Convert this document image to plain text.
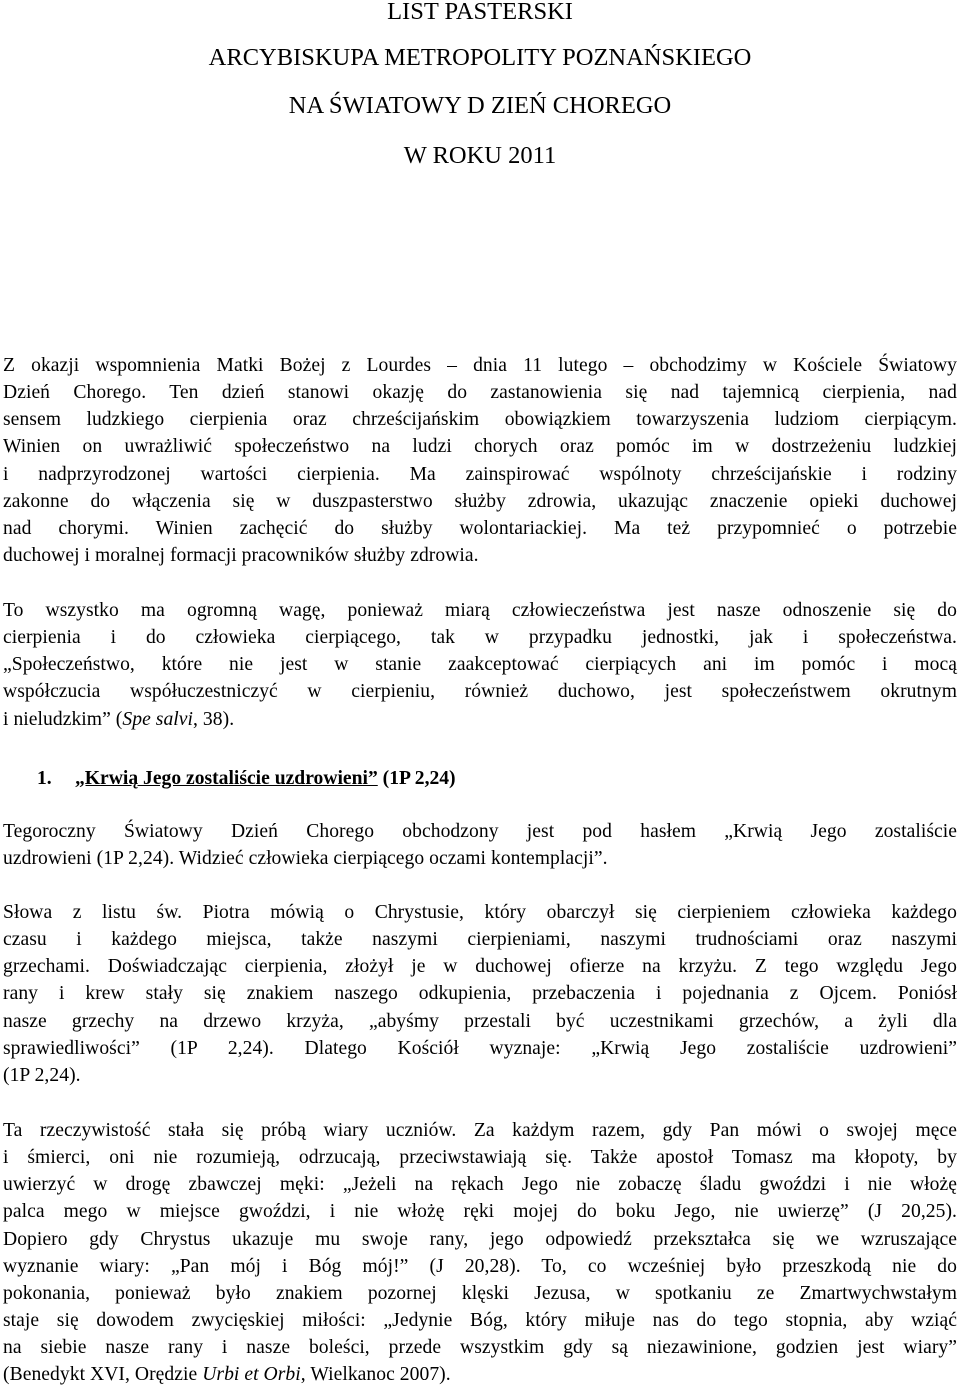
LIST PASTERSKI

ARCYBISKUPA METROPOLITY POZNAŃSKIEGO

NA ŚWIATOWY D ZIEŃ CHOREGO

W ROKU 2011

Z okazji wspomnienia Matki Bożej z Lourdes – dnia 11 lutego – obchodzimy w Kościele Światowy
Dzień Chorego. Ten dzień stanowi okazję do zastanowienia się nad tajemnicą cierpienia, nad
sensem ludzkiego cierpienia oraz chrześcijańskim obowiązkiem towarzyszenia ludziom cierpiącym.
Winien on uwrażliwić społeczeństwo na ludzi chorych oraz pomóc im w dostrzeżeniu ludzkiej
i nadprzyrodzonej wartości cierpienia. Ma zainspirować wspólnoty chrześcijańskie i rodziny
zakonne do włączenia się w duszpasterstwo służby zdrowia, ukazując znaczenie opieki duchowej
nad chorymi. Winien zachęcić do służby wolontariackiej. Ma też przypomnieć o potrzebie
duchowej i moralnej formacji pracowników służby zdrowia.
To wszystko ma ogromną wagę, ponieważ miarą człowieczeństwa jest nasze odnoszenie się do
cierpienia i do człowieka cierpiącego, tak w przypadku jednostki, jak i społeczeństwa.
„Społeczeństwo, które nie jest w stanie zaakceptować cierpiących ani im pomóc i mocą
współczucia współuczestniczyć w cierpieniu, również duchowo, jest społeczeństwem okrutnym
i nieludzkim” (Spe salvi, 38).
1. „Krwią Jego zostaliście uzdrowieni” (1P 2,24)
Tegoroczny Światowy Dzień Chorego obchodzony jest pod hasłem „Krwią Jego zostaliście
uzdrowieni (1P 2,24). Widzieć człowieka cierpiącego oczami kontemplacji”.
Słowa z listu św. Piotra mówią o Chrystusie, który obarczył się cierpieniem człowieka każdego
czasu i każdego miejsca, także naszymi cierpieniami, naszymi trudnościami oraz naszymi
grzechami. Doświadczając cierpienia, złożył je w duchowej ofierze na krzyżu. Z tego względu Jego
rany i krew stały się znakiem naszego odkupienia, przebaczenia i pojednania z Ojcem. Poniósł
nasze grzechy na drzewo krzyża, „abyśmy przestali być uczestnikami grzechów, a żyli dla
sprawiedliwości” (1P 2,24). Dlatego Kościół wyznaje: „Krwią Jego zostaliście uzdrowieni”
(1P 2,24).
Ta rzeczywistość stała się próbą wiary uczniów. Za każdym razem, gdy Pan mówi o swojej męce
i śmierci, oni nie rozumieją, odrzucają, przeciwstawiają się. Także apostoł Tomasz ma kłopoty, by
uwierzyć w drogę zbawczej męki: „Jeżeli na rękach Jego nie zobaczę śladu gwoździ i nie włożę
palca mego w miejsce gwoździ, i nie włożę ręki mojej do boku Jego, nie uwierzę” (J 20,25).
Dopiero gdy Chrystus ukazuje mu swoje rany, jego odpowiedź przekształca się we wzruszające
wyznanie wiary: „Pan mój i Bóg mój!” (J 20,28). To, co wcześniej było przeszkodą nie do
pokonania, ponieważ było znakiem pozornej klęski Jezusa, w spotkaniu ze Zmartwychwstałym
staje się dowodem zwycięskiej miłości: „Jedynie Bóg, który miłuje nas do tego stopnia, aby wziąć
na siebie nasze rany i nasze boleści, przede wszystkim gdy są niezawinione, godzien jest wiary”
(Benedykt XVI, Orędzie Urbi et Orbi, Wielkanoc 2007).
